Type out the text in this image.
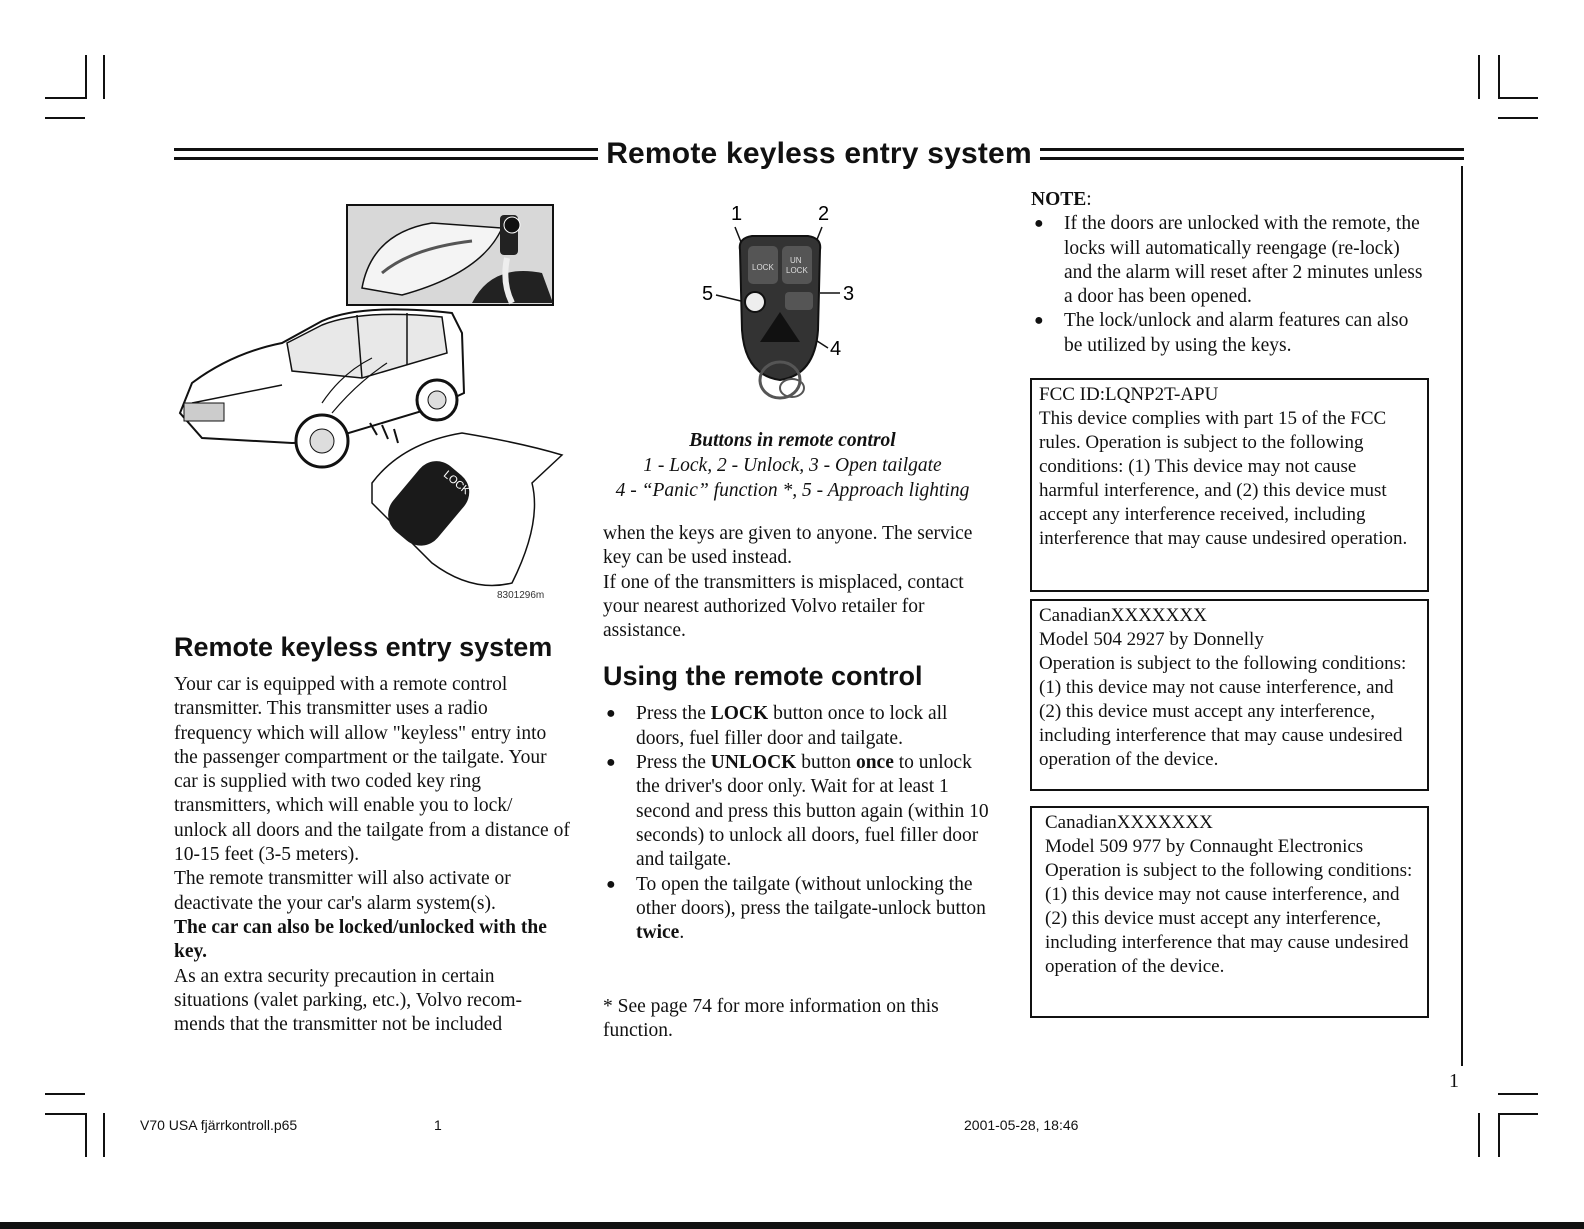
Remote keyless entry system
LOCK
8301296m
1	2
3
4
5
LOCK
UN
LOCK
Buttons in remote control
1 - Lock, 2 - Unlock, 3 - Open tailgate
4 - “Panic” function *, 5 - Approach lighting
Remote keyless entry system

Your car is equipped with a remote control transmitter. This transmitter uses a radio frequency which will allow "keyless" entry into the passenger compartment or the tailgate. Your car is supplied with two coded key ring transmitters, which will enable you to lock/ unlock all doors and the tailgate from a distance of 10-15 feet (3-5 meters).

The remote transmitter will also activate or deactivate the your car's alarm system(s).

The car can also be locked/unlocked with the key.

As an extra security precaution in certain situations (valet parking, etc.), Volvo recom-mends that the transmitter not be included

when the keys are given to anyone. The service key can be used instead.

If one of the transmitters is misplaced, contact your nearest authorized Volvo retailer for assistance.

Using the remote control
● Press the LOCK button once to lock all doors, fuel filler door and tailgate.
● Press the UNLOCK button once to unlock the driver's door only. Wait for at least 1 second and press this button again (within 10 seconds) to unlock all doors, fuel filler door and tailgate.
● To open the tailgate (without unlocking the other doors), press the tailgate-unlock button twice.

* See page 74 for more information on this function.

NOTE:
● If the doors are unlocked with the remote, the locks will automatically reengage (re-lock) and the alarm will reset after 2 minutes unless a door has been opened.
● The lock/unlock and alarm features can also be utilized by using the keys.

FCC ID:LQNP2T-APU

This device complies with part 15 of the FCC rules. Operation is subject to the following conditions: (1) This device may not cause harmful interference, and (2) this device must accept any interference received, including interference that may cause undesired operation.

CanadianXXXXXXX

Model 504 2927 by Donnelly

Operation is subject to the following conditions: (1) this device may not cause interference, and (2) this device must accept any interference, including interference that may cause undesired operation of the device.

CanadianXXXXXXX

Model 509 977 by Connaught Electronics

Operation is subject to the following conditions: (1) this device may not cause interference, and (2) this device must accept any interference, including interference that may cause undesired operation of the device.

1
V70 USA fjärrkontroll.p65	1	2001-05-28, 18:46
